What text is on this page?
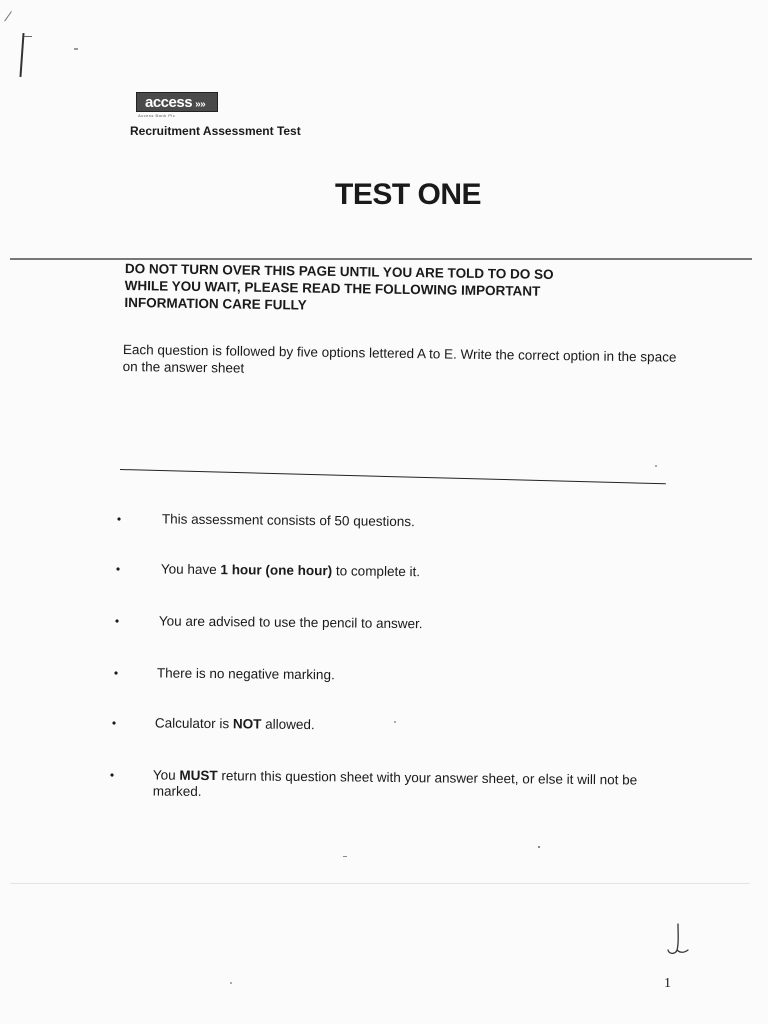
access »»
Access Bank Plc
Recruitment Assessment Test
TEST ONE
DO NOT TURN OVER THIS PAGE UNTIL YOU ARE TOLD TO DO SO
WHILE YOU WAIT, PLEASE READ THE FOLLOWING IMPORTANT
INFORMATION CARE FULLY
Each question is followed by five options lettered A to E. Write the correct option in the space on the answer sheet
•	This assessment consists of 50 questions.
•	You have 1 hour (one hour) to complete it.
•	You are advised to use the pencil to answer.
•	There is no negative marking.
•	Calculator is NOT allowed.
•	You MUST return this question sheet with your answer sheet, or else it will not be marked.
1
